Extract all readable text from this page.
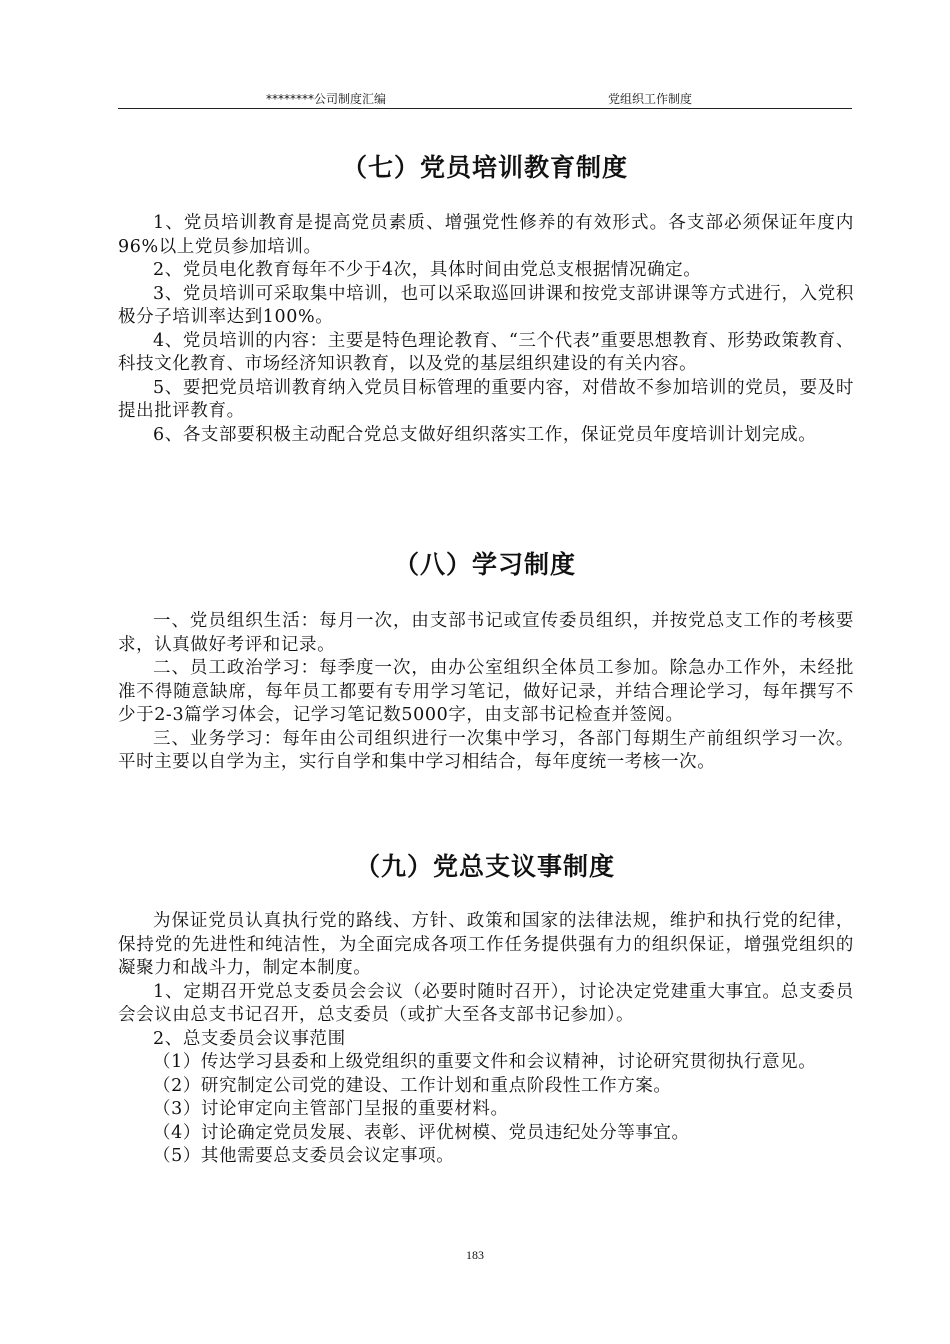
********公司制度汇编	党组织工作制度
（七）党员培训教育制度

1、党员培训教育是提高党员素质、增强党性修养的有效形式。各支部必须保证年度内96%以上党员参加培训。

2、党员电化教育每年不少于4次，具体时间由党总支根据情况确定。

3、党员培训可采取集中培训，也可以采取巡回讲课和按党支部讲课等方式进行，入党积极分子培训率达到100%。

4、党员培训的内容：主要是特色理论教育、“三个代表”重要思想教育、形势政策教育、科技文化教育、市场经济知识教育，以及党的基层组织建设的有关内容。

5、要把党员培训教育纳入党员目标管理的重要内容，对借故不参加培训的党员，要及时提出批评教育。

6、各支部要积极主动配合党总支做好组织落实工作，保证党员年度培训计划完成。

（八）学习制度

一、党员组织生活：每月一次，由支部书记或宣传委员组织，并按党总支工作的考核要求，认真做好考评和记录。

二、员工政治学习：每季度一次，由办公室组织全体员工参加。除急办工作外，未经批准不得随意缺席，每年员工都要有专用学习笔记，做好记录，并结合理论学习，每年撰写不少于2-3篇学习体会，记学习笔记数5000字，由支部书记检查并签阅。

三、业务学习：每年由公司组织进行一次集中学习，各部门每期生产前组织学习一次。平时主要以自学为主，实行自学和集中学习相结合，每年度统一考核一次。

（九）党总支议事制度

为保证党员认真执行党的路线、方针、政策和国家的法律法规，维护和执行党的纪律，保持党的先进性和纯洁性，为全面完成各项工作任务提供强有力的组织保证，增强党组织的凝聚力和战斗力，制定本制度。

1、定期召开党总支委员会会议（必要时随时召开），讨论决定党建重大事宜。总支委员会会议由总支书记召开，总支委员（或扩大至各支部书记参加）。

2、总支委员会议事范围

（1）传达学习县委和上级党组织的重要文件和会议精神，讨论研究贯彻执行意见。

（2）研究制定公司党的建设、工作计划和重点阶段性工作方案。

（3）讨论审定向主管部门呈报的重要材料。

（4）讨论确定党员发展、表彰、评优树模、党员违纪处分等事宜。

（5）其他需要总支委员会议定事项。

183
